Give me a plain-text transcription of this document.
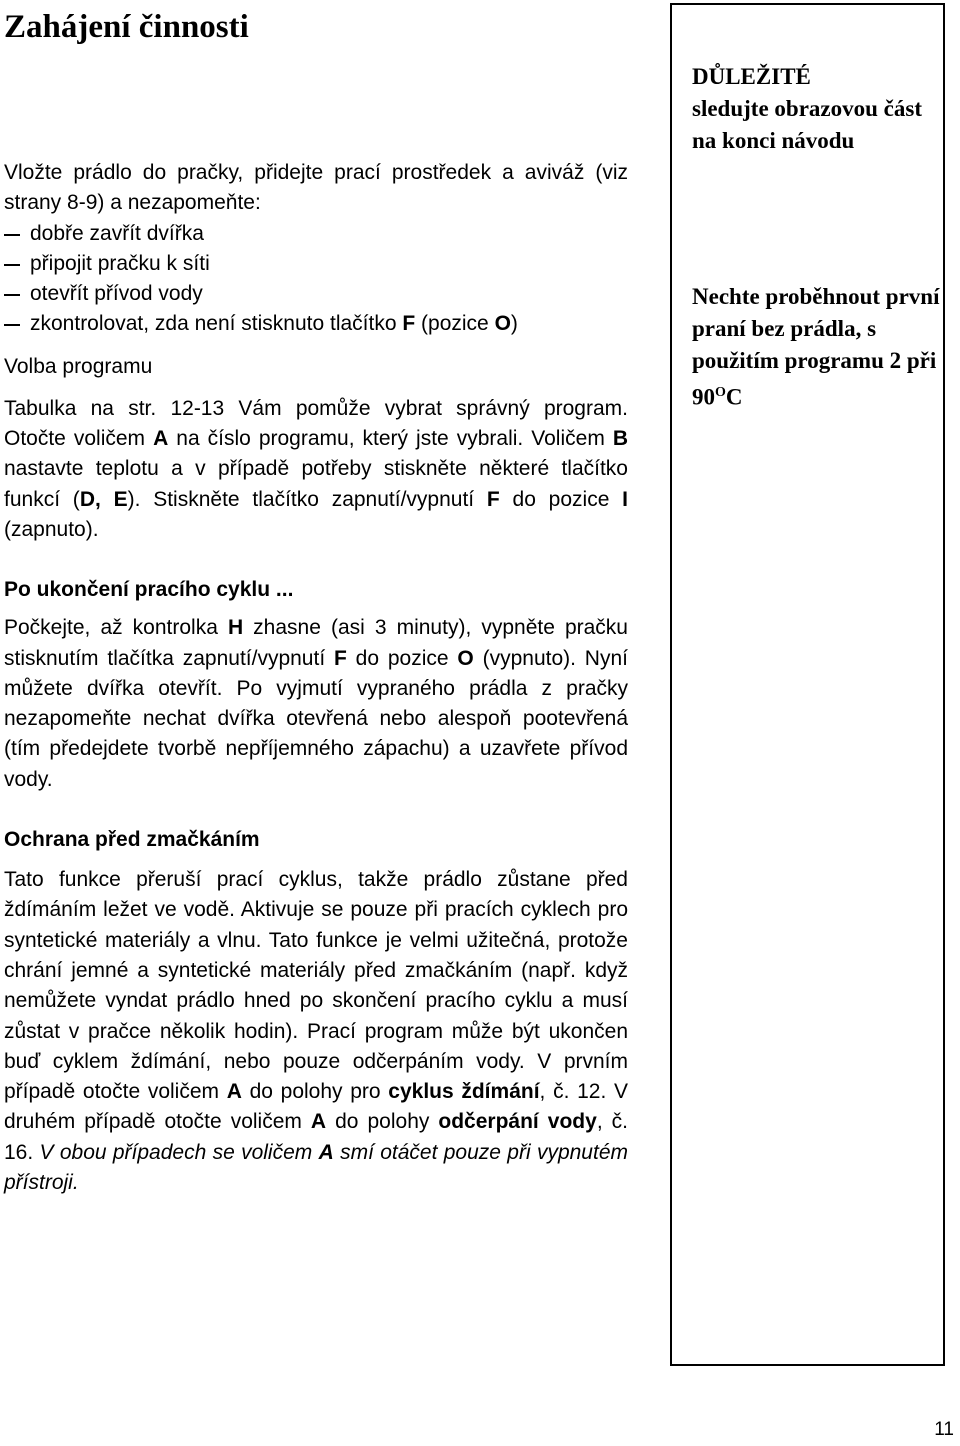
Zahájení činnosti

Vložte prádlo do pračky, přidejte prací prostředek a aviváž (viz strany 8-9) a nezapomeňte:

dobře zavřít dvířka
připojit pračku k síti
otevřít přívod vody
zkontrolovat, zda není stisknuto tlačítko F (pozice O)
Volba programu

Tabulka na str. 12-13 Vám pomůže vybrat správný program. Otočte voličem A na číslo programu, který jste vybrali. Voličem B nastavte teplotu a v případě potřeby stiskněte některé tlačítko funkcí (D, E). Stiskněte tlačítko zapnutí/vypnutí F do pozice I (zapnuto).

Po ukončení pracího cyklu ...

Počkejte, až kontrolka H zhasne (asi 3 minuty), vypněte pračku stisknutím tlačítka zapnutí/vypnutí F do pozice O (vypnuto). Nyní můžete dvířka otevřít. Po vyjmutí vypraného prádla z pračky nezapomeňte nechat dvířka otevřená nebo alespoň pootevřená (tím předejdete tvorbě nepříjemného zápachu) a uzavřete přívod vody.

Ochrana před zmačkáním

Tato funkce přeruší prací cyklus, takže prádlo zůstane před ždímáním ležet ve vodě. Aktivuje se pouze při pracích cyklech pro syntetické materiály a vlnu. Tato funkce je velmi užitečná, protože chrání jemné a syntetické materiály před zmačkáním (např. když nemůžete vyndat prádlo hned po skončení pracího cyklu a musí zůstat v pračce několik hodin). Prací program může být ukončen buď cyklem ždímání, nebo pouze odčerpáním vody. V prvním případě otočte voličem A do polohy pro cyklus ždímání, č. 12. V druhém případě otočte voličem A do polohy odčerpání vody, č. 16. V obou případech se voličem A smí otáčet pouze při vypnutém přístroji.

DŮLEŽITÉ
sledujte obrazovou část na konci návodu
Nechte proběhnout první praní bez prádla, s použitím programu 2 při $90^OC$
11
